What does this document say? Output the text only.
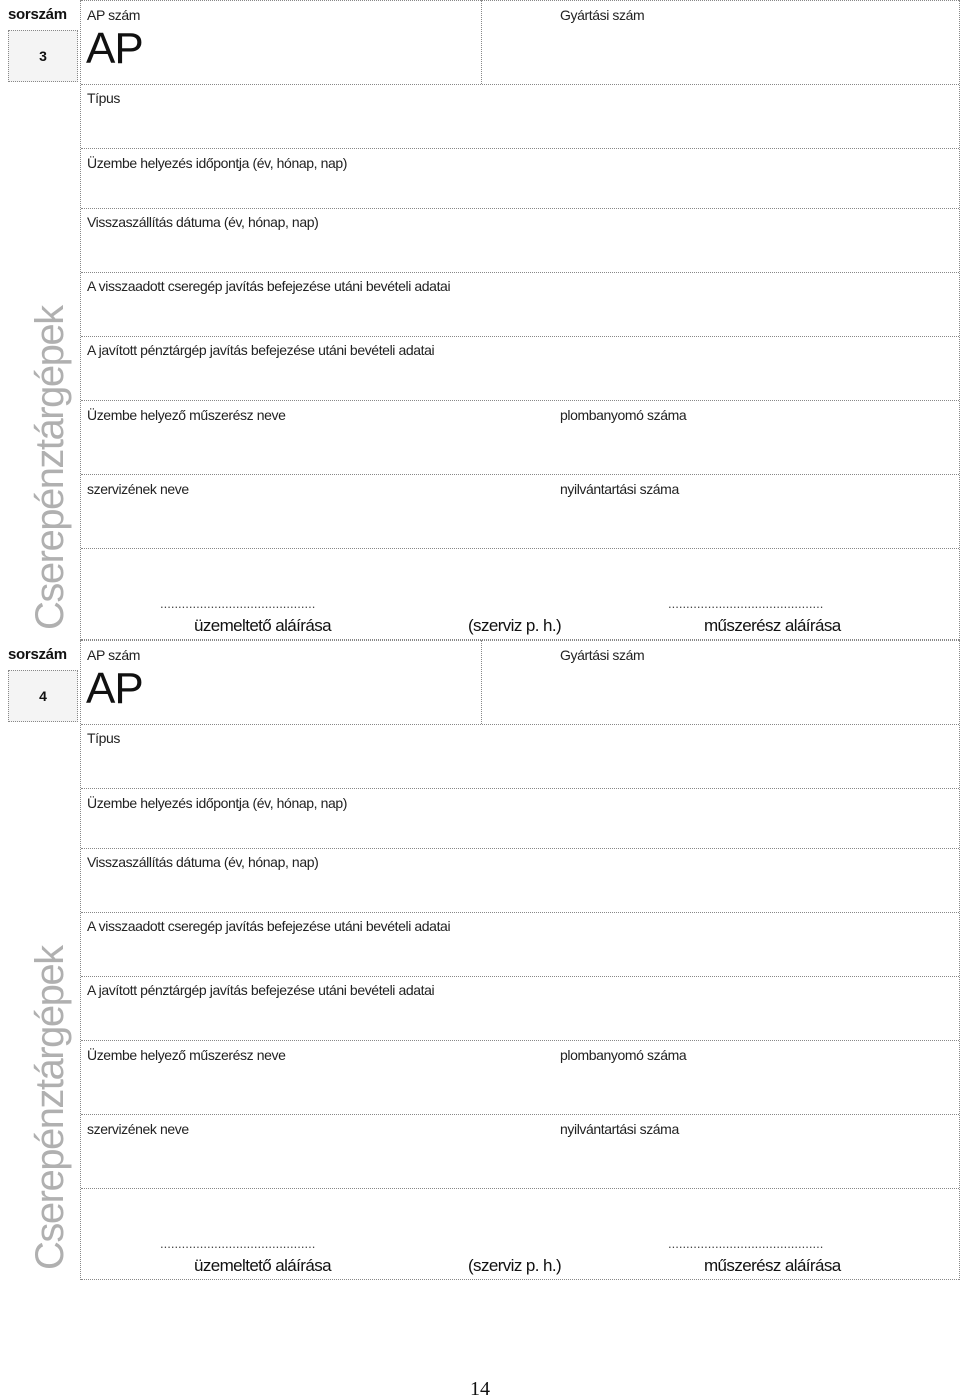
sorszám
3
Cserepénztárgépek
AP szám
AP
Gyártási szám
Típus
Üzembe helyezés időpontja (év, hónap, nap)
Visszaszállítás dátuma (év, hónap, nap)
A visszaadott cseregép javítás befejezése utáni bevételi adatai
A javított pénztárgép javítás befejezése utáni bevételi adatai
Üzembe helyező műszerész neve	plombanyomó száma
szervizének neve	nyilvántartási száma
...........................................	...........................................
üzemeltető aláírása	(szerviz p. h.)	műszerész aláírása
sorszám
4
Cserepénztárgépek
AP szám
AP
Gyártási szám
Típus
Üzembe helyezés időpontja (év, hónap, nap)
Visszaszállítás dátuma (év, hónap, nap)
A visszaadott cseregép javítás befejezése utáni bevételi adatai
A javított pénztárgép javítás befejezése utáni bevételi adatai
Üzembe helyező műszerész neve	plombanyomó száma
szervizének neve	nyilvántartási száma
...........................................	...........................................
üzemeltető aláírása	(szerviz p. h.)	műszerész aláírása
14
